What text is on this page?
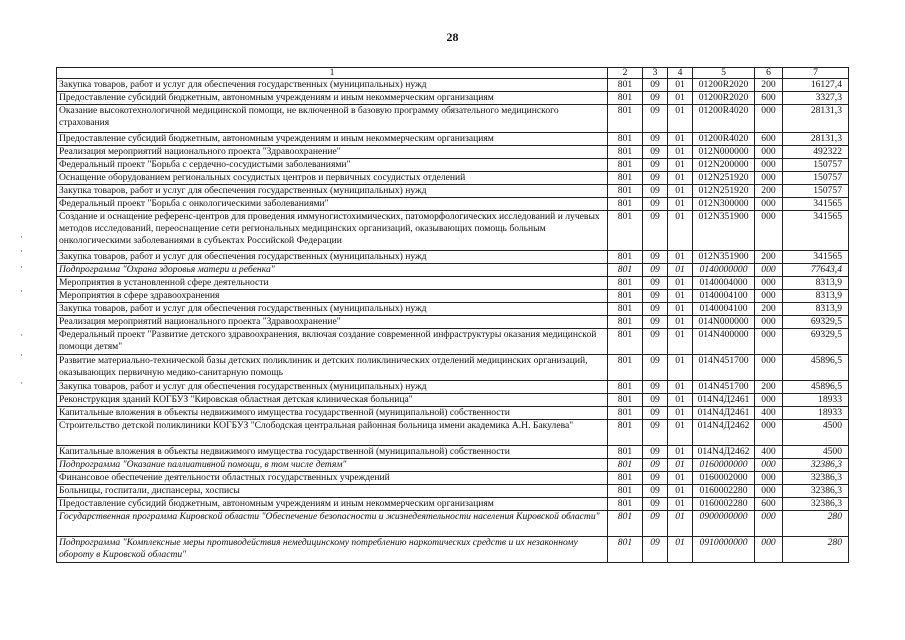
28
1	2	3	4	5	6	7
Закупка товаров, работ и услуг для обеспечения государственных (муниципальных) нужд	801	09	01	01200R2020	200	16127,4
Предоставление субсидий бюджетным, автономным учреждениям и иным некоммерческим организациям	801	09	01	01200R2020	600	3327,3
Оказание высокотехнологичной медицинской помощи, не включенной в базовую программу обязательного медицинского страхования	801	09	01	01200R4020	000	28131,3
Предоставление субсидий бюджетным, автономным учреждениям и иным некоммерческим организациям	801	09	01	01200R4020	600	28131,3
Реализация мероприятий национального проекта "Здравоохранение"	801	09	01	012N000000	000	492322
Федеральный проект "Борьба с сердечно-сосудистыми заболеваниями"	801	09	01	012N200000	000	150757
Оснащение оборудованием региональных сосудистых центров и первичных сосудистых отделений	801	09	01	012N251920	000	150757
Закупка товаров, работ и услуг для обеспечения государственных (муниципальных) нужд	801	09	01	012N251920	200	150757
Федеральный проект "Борьба с онкологическими заболеваниями"	801	09	01	012N300000	000	341565
Создание и оснащение референс-центров для проведения иммуногистохимических, патоморфологических исследований и лучевых методов исследований, переоснащение сети региональных медицинских организаций, оказывающих помощь больным онкологическими заболеваниями в субъектах Российской Федерации	801	09	01	012N351900	000	341565
Закупка товаров, работ и услуг для обеспечения государственных (муниципальных) нужд	801	09	01	012N351900	200	341565
Подпрограмма "Охрана здоровья матери и ребенка"	801	09	01	0140000000	000	77643,4
Мероприятия в установленной сфере деятельности	801	09	01	0140004000	000	8313,9
Мероприятия в сфере здравоохранения	801	09	01	0140004100	000	8313,9
Закупка товаров, работ и услуг для обеспечения государственных (муниципальных) нужд	801	09	01	0140004100	200	8313,9
Реализация мероприятий национального проекта "Здравоохранение"	801	09	01	014N000000	000	69329,5
Федеральный проект "Развитие детского здравоохранения, включая создание современной инфраструктуры оказания медицинской помощи детям"	801	09	01	014N400000	000	69329,5
Развитие материально-технической базы детских поликлиник и детских поликлинических отделений медицинских организаций, оказывающих первичную медико-санитарную помощь	801	09	01	014N451700	000	45896,5
Закупка товаров, работ и услуг для обеспечения государственных (муниципальных) нужд	801	09	01	014N451700	200	45896,5
Реконструкция зданий КОГБУЗ "Кировская областная детская клиническая больница"	801	09	01	014N4Д2461	000	18933
Капитальные вложения в объекты недвижимого имущества государственной (муниципальной) собственности	801	09	01	014N4Д2461	400	18933
Строительство детской поликлиники КОГБУЗ "Слободская центральная районная больница имени академика А.Н. Бакулева"	801	09	01	014N4Д2462	000	4500
Капитальные вложения в объекты недвижимого имущества государственной (муниципальной) собственности	801	09	01	014N4Д2462	400	4500
Подпрограмма "Оказание паллиативной помощи, в том числе детям"	801	09	01	0160000000	000	32386,3
Финансовое обеспечение деятельности областных государственных учреждений	801	09	01	0160002000	000	32386,3
Больницы, госпитали, диспансеры, хосписы	801	09	01	0160002280	000	32386,3
Предоставление субсидий бюджетным, автономным учреждениям и иным некоммерческим организациям	801	09	01	0160002280	600	32386,3
Государственная программа Кировской области "Обеспечение безопасности и жизнедеятельности населения Кировской области"	801	09	01	0900000000	000	280
Подпрограмма "Комплексные меры противодействия немедицинскому потреблению наркотических средств и их незаконному обороту в Кировской области"	801	09	01	0910000000	000	280
·
·
·
·
·
·
·
